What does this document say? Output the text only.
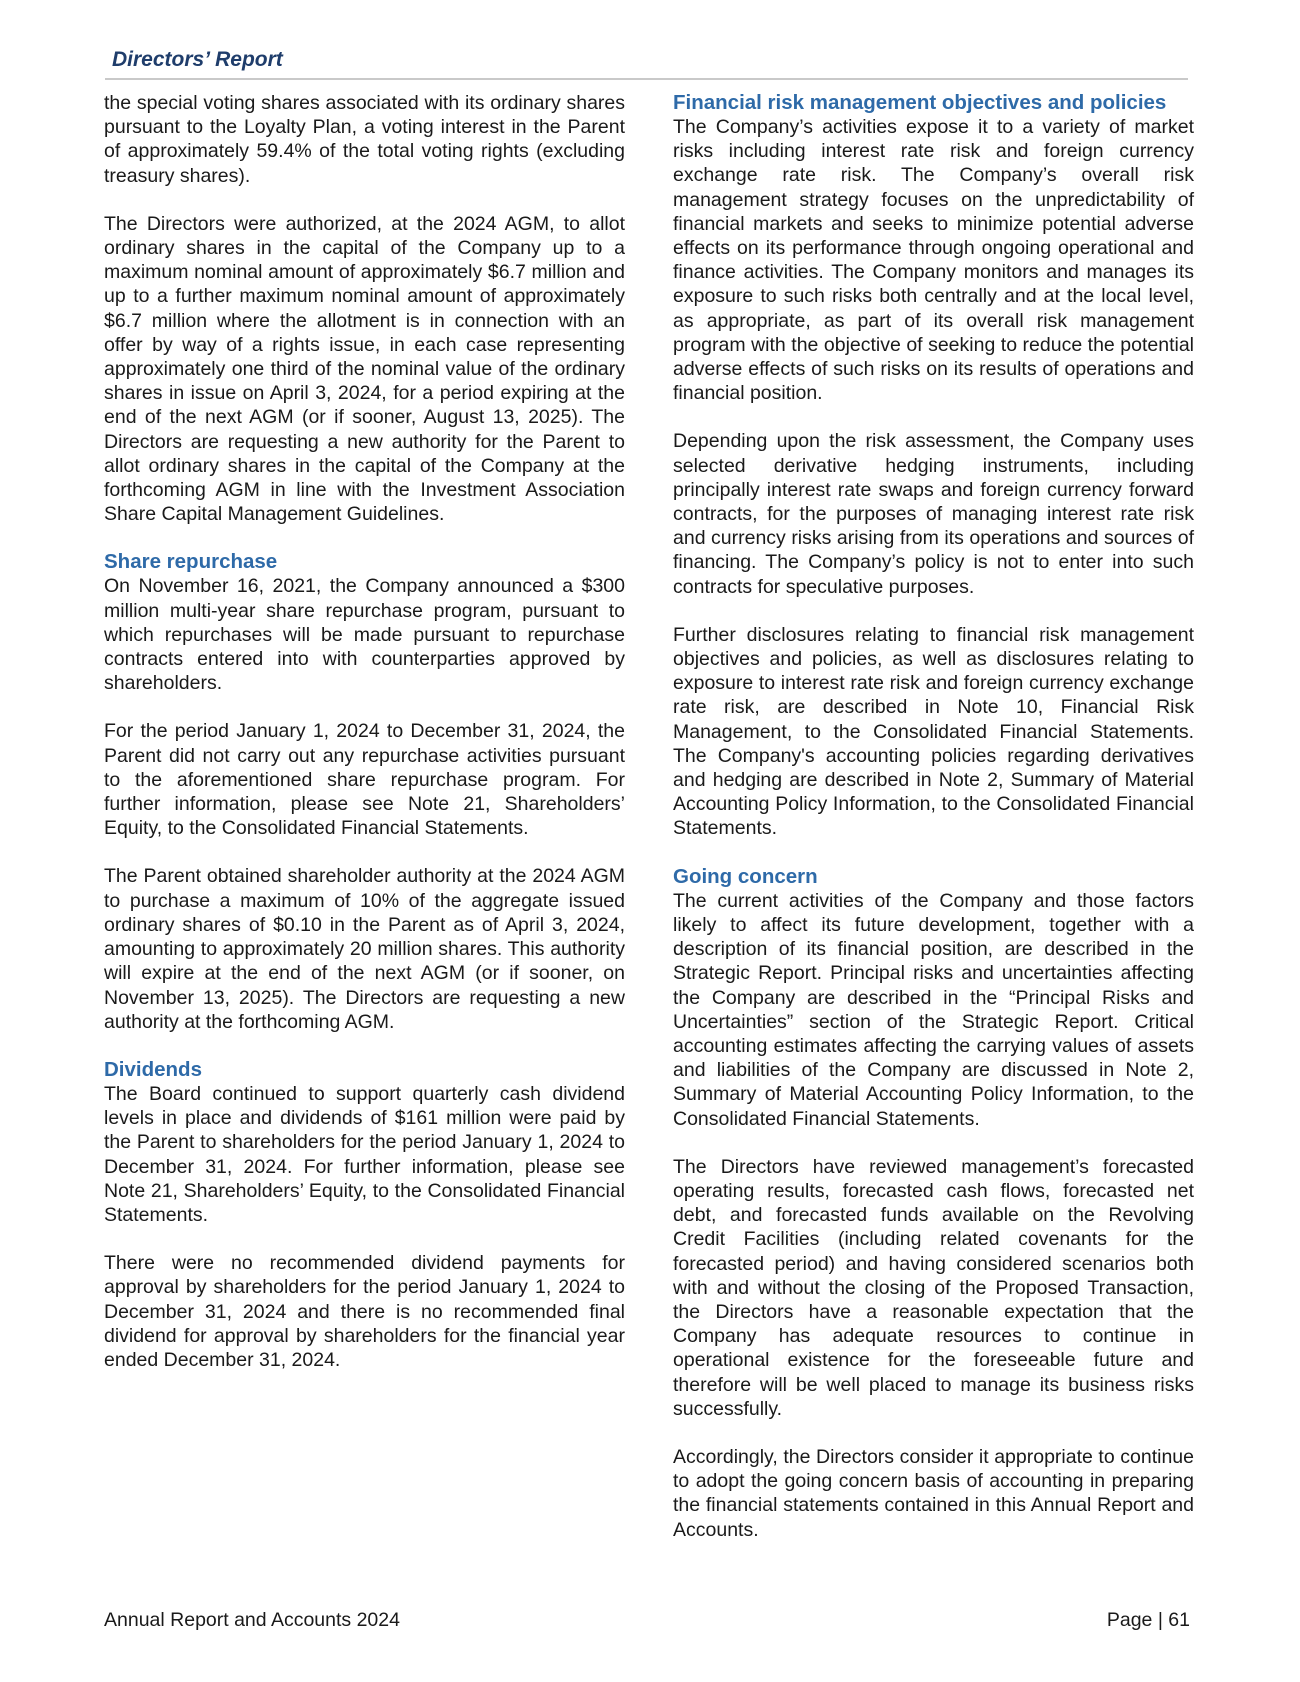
Directors’ Report

the special voting shares associated with its ordinary shares pursuant to the Loyalty Plan, a voting interest in the Parent of approximately 59.4% of the total voting rights (excluding treasury shares).

The Directors were authorized, at the 2024 AGM, to allot ordinary shares in the capital of the Company up to a maximum nominal amount of approximately $6.7 million and up to a further maximum nominal amount of approximately $6.7 million where the allotment is in connection with an offer by way of a rights issue, in each case representing approximately one third of the nominal value of the ordinary shares in issue on April 3, 2024, for a period expiring at the end of the next AGM (or if sooner, August 13, 2025). The Directors are requesting a new authority for the Parent to allot ordinary shares in the capital of the Company at the forthcoming AGM in line with the Investment Association Share Capital Management Guidelines.

Share repurchase

On November 16, 2021, the Company announced a $300 million multi-year share repurchase program, pursuant to which repurchases will be made pursuant to repurchase contracts entered into with counterparties approved by shareholders.

For the period January 1, 2024 to December 31, 2024, the Parent did not carry out any repurchase activities pursuant to the aforementioned share repurchase program. For further information, please see Note 21, Shareholders’ Equity, to the Consolidated Financial Statements.

The Parent obtained shareholder authority at the 2024 AGM to purchase a maximum of 10% of the aggregate issued ordinary shares of $0.10 in the Parent as of April 3, 2024, amounting to approximately 20 million shares. This authority will expire at the end of the next AGM (or if sooner, on November 13, 2025). The Directors are requesting a new authority at the forthcoming AGM.

Dividends

The Board continued to support quarterly cash dividend levels in place and dividends of $161 million were paid by the Parent to shareholders for the period January 1, 2024 to December 31, 2024. For further information, please see Note 21, Shareholders’ Equity, to the Consolidated Financial Statements.

There were no recommended dividend payments for approval by shareholders for the period January 1, 2024 to December 31, 2024 and there is no recommended final dividend for approval by shareholders for the financial year ended December 31, 2024.

Financial risk management objectives and policies

The Company’s activities expose it to a variety of market risks including interest rate risk and foreign currency exchange rate risk. The Company’s overall risk management strategy focuses on the unpredictability of financial markets and seeks to minimize potential adverse effects on its performance through ongoing operational and finance activities. The Company monitors and manages its exposure to such risks both centrally and at the local level, as appropriate, as part of its overall risk management program with the objective of seeking to reduce the potential adverse effects of such risks on its results of operations and financial position.

Depending upon the risk assessment, the Company uses selected derivative hedging instruments, including principally interest rate swaps and foreign currency forward contracts, for the purposes of managing interest rate risk and currency risks arising from its operations and sources of financing. The Company’s policy is not to enter into such contracts for speculative purposes.

Further disclosures relating to financial risk management objectives and policies, as well as disclosures relating to exposure to interest rate risk and foreign currency exchange rate risk, are described in Note 10, Financial Risk Management, to the Consolidated Financial Statements. The Company's accounting policies regarding derivatives and hedging are described in Note 2, Summary of Material Accounting Policy Information, to the Consolidated Financial Statements.

Going concern

The current activities of the Company and those factors likely to affect its future development, together with a description of its financial position, are described in the Strategic Report. Principal risks and uncertainties affecting the Company are described in the “Principal Risks and Uncertainties” section of the Strategic Report. Critical accounting estimates affecting the carrying values of assets and liabilities of the Company are discussed in Note 2, Summary of Material Accounting Policy Information, to the Consolidated Financial Statements.

The Directors have reviewed management’s forecasted operating results, forecasted cash flows, forecasted net debt, and forecasted funds available on the Revolving Credit Facilities (including related covenants for the forecasted period) and having considered scenarios both with and without the closing of the Proposed Transaction, the Directors have a reasonable expectation that the Company has adequate resources to continue in operational existence for the foreseeable future and therefore will be well placed to manage its business risks successfully.

Accordingly, the Directors consider it appropriate to continue to adopt the going concern basis of accounting in preparing the financial statements contained in this Annual Report and Accounts.

Annual Report and Accounts 2024	Page | 61
